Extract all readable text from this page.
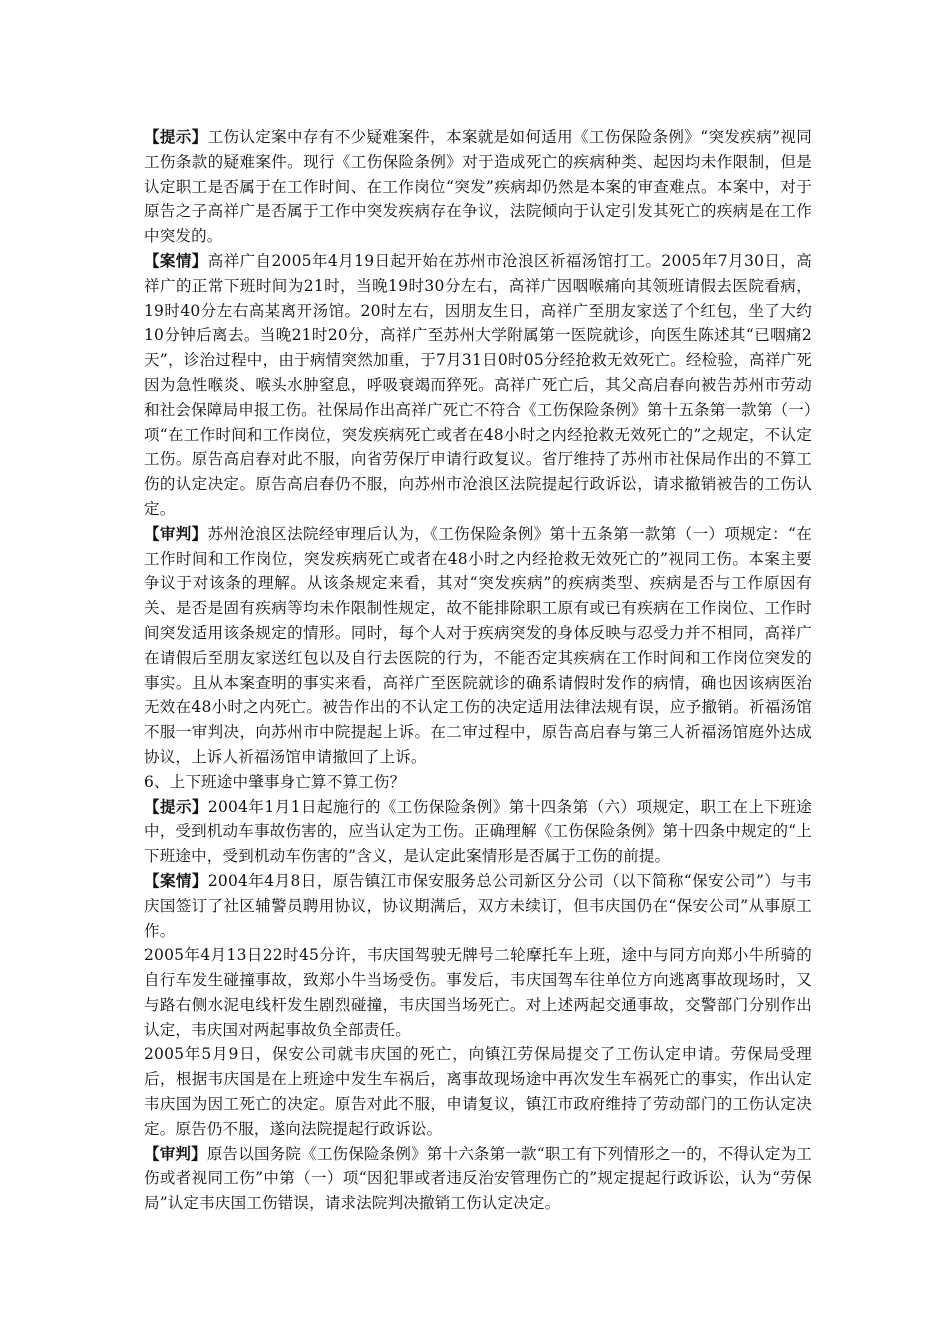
【提示】工伤认定案中存有不少疑难案件，本案就是如何适用《工伤保险条例》“突发疾病”视同工伤条款的疑难案件。现行《工伤保险条例》对于造成死亡的疾病种类、起因均未作限制，但是认定职工是否属于在工作时间、在工作岗位“突发”疾病却仍然是本案的审查难点。本案中，对于原告之子高祥广是否属于工作中突发疾病存在争议，法院倾向于认定引发其死亡的疾病是在工作中突发的。

【案情】高祥广自2005年4月19日起开始在苏州市沧浪区祈福汤馆打工。2005年7月30日，高祥广的正常下班时间为21时，当晚19时30分左右，高祥广因咽喉痛向其领班请假去医院看病，19时40分左右高某离开汤馆。20时左右，因朋友生日，高祥广至朋友家送了个红包，坐了大约10分钟后离去。当晚21时20分，高祥广至苏州大学附属第一医院就诊，向医生陈述其“已咽痛2天”，诊治过程中，由于病情突然加重，于7月31日0时05分经抢救无效死亡。经检验，高祥广死因为急性喉炎、喉头水肿窒息，呼吸衰竭而猝死。高祥广死亡后，其父高启春向被告苏州市劳动和社会保障局申报工伤。社保局作出高祥广死亡不符合《工伤保险条例》第十五条第一款第（一）项“在工作时间和工作岗位，突发疾病死亡或者在48小时之内经抢救无效死亡的”之规定，不认定工伤。原告高启春对此不服，向省劳保厅申请行政复议。省厅维持了苏州市社保局作出的不算工伤的认定决定。原告高启春仍不服，向苏州市沧浪区法院提起行政诉讼，请求撤销被告的工伤认定。

【审判】苏州沧浪区法院经审理后认为，《工伤保险条例》第十五条第一款第（一）项规定：“在工作时间和工作岗位，突发疾病死亡或者在48小时之内经抢救无效死亡的”视同工伤。本案主要争议于对该条的理解。从该条规定来看，其对“突发疾病”的疾病类型、疾病是否与工作原因有关、是否是固有疾病等均未作限制性规定，故不能排除职工原有或已有疾病在工作岗位、工作时间突发适用该条规定的情形。同时，每个人对于疾病突发的身体反映与忍受力并不相同，高祥广在请假后至朋友家送红包以及自行去医院的行为，不能否定其疾病在工作时间和工作岗位突发的事实。且从本案查明的事实来看，高祥广至医院就诊的确系请假时发作的病情，确也因该病医治无效在48小时之内死亡。被告作出的不认定工伤的决定适用法律法规有误，应予撤销。祈福汤馆不服一审判决，向苏州市中院提起上诉。在二审过程中，原告高启春与第三人祈福汤馆庭外达成协议，上诉人祈福汤馆申请撤回了上诉。

6、上下班途中肇事身亡算不算工伤？

【提示】2004年1月1日起施行的《工伤保险条例》第十四条第（六）项规定，职工在上下班途中，受到机动车事故伤害的，应当认定为工伤。正确理解《工伤保险条例》第十四条中规定的“上下班途中，受到机动车伤害的”含义，是认定此案情形是否属于工伤的前提。

【案情】2004年4月8日，原告镇江市保安服务总公司新区分公司（以下简称“保安公司”）与韦庆国签订了社区辅警员聘用协议，协议期满后，双方未续订，但韦庆国仍在“保安公司”从事原工作。

2005年4月13日22时45分许，韦庆国驾驶无牌号二轮摩托车上班，途中与同方向郑小牛所骑的自行车发生碰撞事故，致郑小牛当场受伤。事发后，韦庆国驾车往单位方向逃离事故现场时，又与路右侧水泥电线杆发生剧烈碰撞，韦庆国当场死亡。对上述两起交通事故，交警部门分别作出认定，韦庆国对两起事故负全部责任。

2005年5月9日，保安公司就韦庆国的死亡，向镇江劳保局提交了工伤认定申请。劳保局受理后，根据韦庆国是在上班途中发生车祸后，离事故现场途中再次发生车祸死亡的事实，作出认定韦庆国为因工死亡的决定。原告对此不服，申请复议，镇江市政府维持了劳动部门的工伤认定决定。原告仍不服，遂向法院提起行政诉讼。

【审判】原告以国务院《工伤保险条例》第十六条第一款“职工有下列情形之一的，不得认定为工伤或者视同工伤”中第（一）项“因犯罪或者违反治安管理伤亡的”规定提起行政诉讼，认为“劳保局”认定韦庆国工伤错误，请求法院判决撤销工伤认定决定。
